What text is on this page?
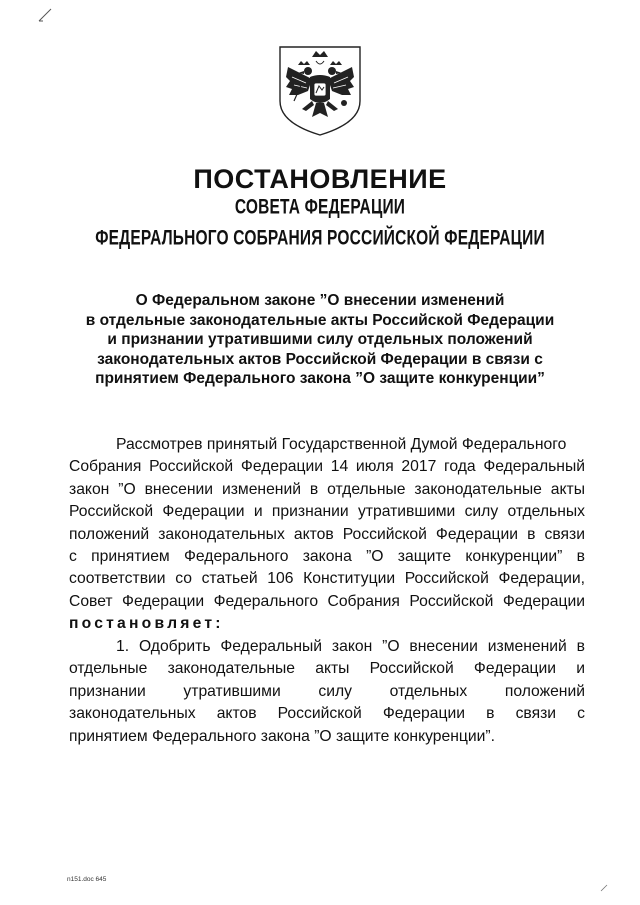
ПОСТАНОВЛЕНИЕ
СОВЕТА ФЕДЕРАЦИИ
ФЕДЕРАЛЬНОГО СОБРАНИЯ РОССИЙСКОЙ ФЕДЕРАЦИИ
О Федеральном законе ”О внесении изменений
в отдельные законодательные акты Российской Федерации
и признании утратившими силу отдельных положений
законодательных актов Российской Федерации в связи с
принятием Федерального закона ”О защите конкуренции”
Рассмотрев принятый Государственной Думой Федерального
Собрания Российской Федерации 14 июля 2017 года Федеральный
закон ”О внесении изменений в отдельные законодательные акты
Российской Федерации и признании утратившими силу отдельных
положений законодательных актов Российской Федерации в связи
с принятием Федерального закона ”О защите конкуренции” в
соответствии со статьей 106 Конституции Российской Федерации,
Совет Федерации Федерального Собрания Российской Федерации
постановляет:
1. Одобрить Федеральный закон ”О внесении изменений в
отдельные законодательные акты Российской Федерации и
признании утратившими силу отдельных положений
законодательных актов Российской Федерации в связи с
принятием Федерального закона ”О защите конкуренции”.
n151.doc 645
